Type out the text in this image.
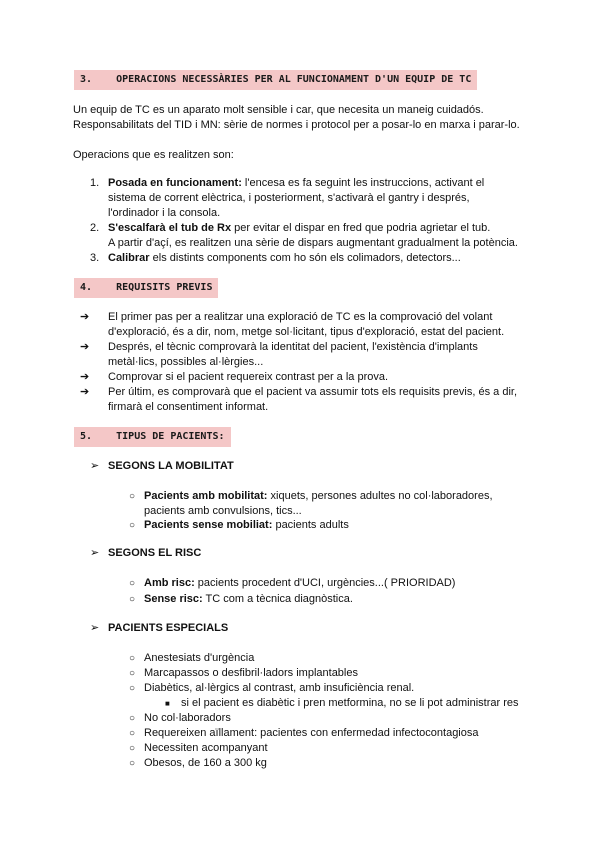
3. OPERACIONS NECESSÀRIES PER AL FUNCIONAMENT D'UN EQUIP DE TC
Un equip de TC es un aparato molt sensible i car, que necesita un maneig cuidadós.
Responsabilitats del TID i MN: sèrie de normes i protocol per a posar-lo en marxa i parar-lo.
Operacions que es realitzen son:
1. Posada en funcionament: l'encesa es fa seguint les instruccions, activant el
sistema de corrent elèctrica, i posteriorment, s'activarà el gantry i després,
l'ordinador i la consola.
2. S'escalfarà el tub de Rx per evitar el dispar en fred que podria agrietar el tub.
A partir d'açí, es realitzen una sèrie de dispars augmentant gradualment la potència.
3. Calibrar els distints components com ho són els colimadors, detectors...
4. REQUISITS PREVIS
➔ El primer pas per a realitzar una exploració de TC es la comprovació del volant
d'exploració, és a dir, nom, metge sol·licitant, tipus d'exploració, estat del pacient.
➔ Després, el tècnic comprovarà la identitat del pacient, l'existència d'implants
metàl·lics, possibles al·lèrgies...
➔ Comprovar si el pacient requereix contrast per a la prova.
➔ Per últim, es comprovarà que el pacient va assumir tots els requisits previs, és a dir,
firmarà el consentiment informat.
5. TIPUS DE PACIENTS:
➢ SEGONS LA MOBILITAT
○ Pacients amb mobilitat: xiquets, persones adultes no col·laboradores,
pacients amb convulsions, tics...
○ Pacients sense mobiliat: pacients adults
➢ SEGONS EL RISC
○ Amb risc: pacients procedent d'UCI, urgències...( PRIORIDAD)
○ Sense risc: TC com a tècnica diagnòstica.
➢ PACIENTS ESPECIALS
○ Anestesiats d'urgència
○ Marcapassos o desfibril·ladors implantables
○ Diabètics, al·lèrgics al contrast, amb insuficiència renal.
■ si el pacient es diabètic i pren metformina, no se li pot administrar res
○ No col·laboradors
○ Requereixen aïllament: pacientes con enfermedad infectocontagiosa
○ Necessiten acompanyant
○ Obesos, de 160 a 300 kg
